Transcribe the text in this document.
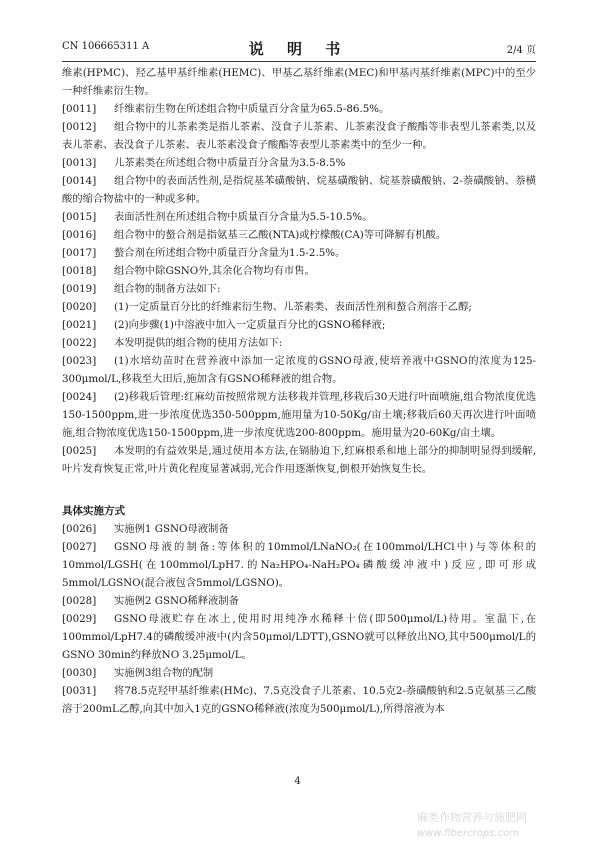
CN 106665311 A	说 明 书	2/4 页

维素(HPMC)、羟乙基甲基纤维素(HEMC)、甲基乙基纤维素(MEC)和甲基丙基纤维素(MPC)中的至少一种纤维素衍生物。

[0011] 纤维素衍生物在所述组合物中质量百分含量为65.5-86.5%。

[0012] 组合物中的儿茶素类是指儿茶素、没食子儿茶素、儿茶素没食子酸酯等非表型儿茶素类,以及表儿茶素、表没食子儿茶素、表儿茶素没食子酸酯等表型儿茶素类中的至少一种。

[0013] 儿茶素类在所述组合物中质量百分含量为3.5-8.5%

[0014] 组合物中的表面活性剂,是指烷基苯磺酸钠、烷基磺酸钠、烷基萘磺酸钠、2-萘磺酸钠、萘横酸的缩合物盐中的一种或多种。

[0015] 表面活性剂在所述组合物中质量百分含量为5.5-10.5%。

[0016] 组合物中的螯合剂是指氨基三乙酸(NTA)或柠檬酸(CA)等可降解有机酸。

[0017] 螯合剂在所述组合物中质量百分含量为1.5-2.5%。

[0018] 组合物中除GSNO外,其余化合物均有市售。

[0019] 组合物的制备方法如下:

[0020] (1)一定质量百分比的纤维素衍生物、儿茶素类、表面活性剂和螯合剂溶于乙醇;

[0021] (2)向步骤(1)中溶液中加入一定质量百分比的GSNO稀释液;

[0022] 本发明提供的组合物的使用方法如下:

[0023] (1)水培幼苗时在营养液中添加一定浓度的GSNO母液,使培养液中GSNO的浓度为125-300μmol/L,移栽至大田后,施加含有GSNO稀释液的组合物。

[0024] (2)移栽后管理:红麻幼苗按照常规方法移栽并管理,移栽后30天进行叶面喷施,组合物浓度优选150-1500ppm,进一步浓度优选350-500ppm,施用量为10-50Kg/亩土壤;移栽后60天再次进行叶面喷施,组合物浓度优选150-1500ppm,进一步浓度优选200-800ppm。施用量为20-60Kg/亩土壤。

[0025] 本发明的有益效果是,通过使用本方法,在镉胁迫下,红麻根系和地上部分的抑制明显得到缓解,叶片发育恢复正常,叶片黄化程度显著减弱,光合作用逐渐恢复,倒根开始恢复生长。

具体实施方式

[0026] 实施例1 GSNO母液制备

[0027] GSNO母液的制备:等体积的10mmol/LNaNO₂(在100mmol/LHCl中)与等体积的10mmol/LGSH(在100mmol/LpH7.的Na₂HPO₄-NaH₂PO₄磷酸缓冲液中)反应,即可形成5mmol/LGSNO(混合液包含5mmol/LGSNO)。

[0028] 实施例2 GSNO稀释液制备

[0029] GSNO母液贮存在冰上,使用时用纯净水稀释十倍(即500μmol/L)待用。室温下,在100mmol/LpH7.4的磷酸缓冲液中(内含50μmol/LDTT),GSNO就可以释放出NO,其中500μmol/L的GSNO 30min约释放NO 3.25μmol/L。

[0030] 实施例3组合物的配制

[0031] 将78.5克羟甲基纤维素(HMc)、7.5克没食子儿茶素、10.5克2-萘磺酸钠和2.5克氨基三乙酸溶于200mL乙醇,向其中加入1克的GSNO稀释液(浓度为500μmol/L),所得溶液为本

4
麻类作物营养与施肥网
www.fibercrops.com
